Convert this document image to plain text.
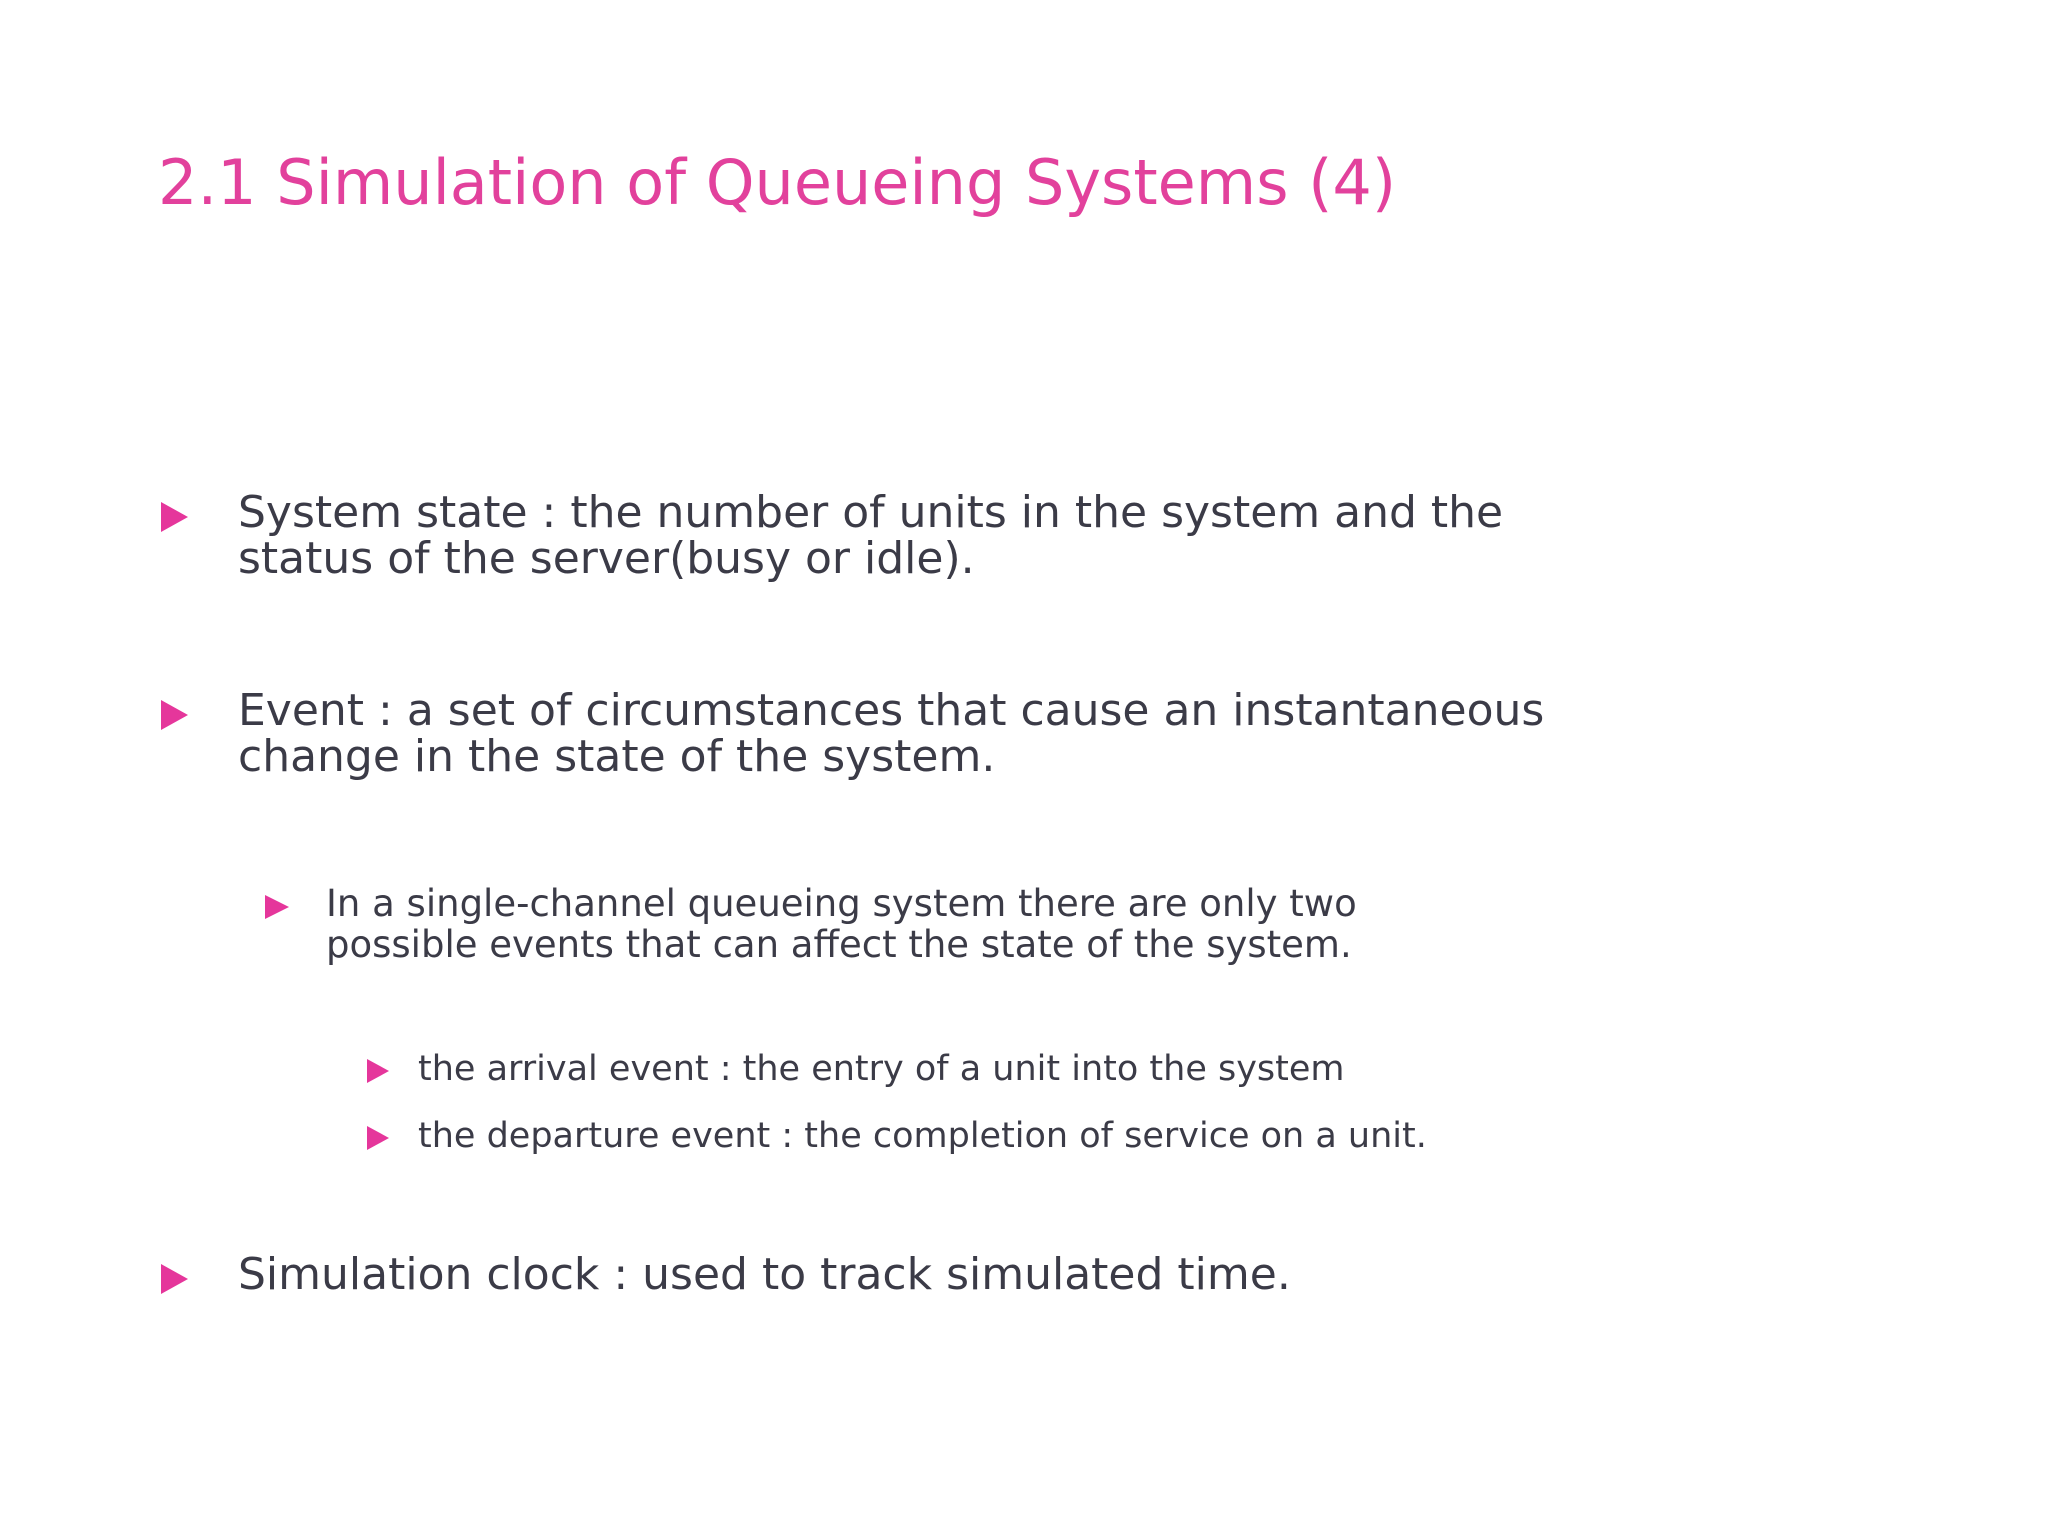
2.1 Simulation of Queueing Systems (4)
System state : the number of units in the system and the
status of the server(busy or idle).
Event : a set of circumstances that cause an instantaneous
change in the state of the system.
In a single-channel queueing system there are only two
possible events that can affect the state of the system.
the arrival event : the entry of a unit into the system
the departure event : the completion of service on a unit.
Simulation clock : used to track simulated time.
